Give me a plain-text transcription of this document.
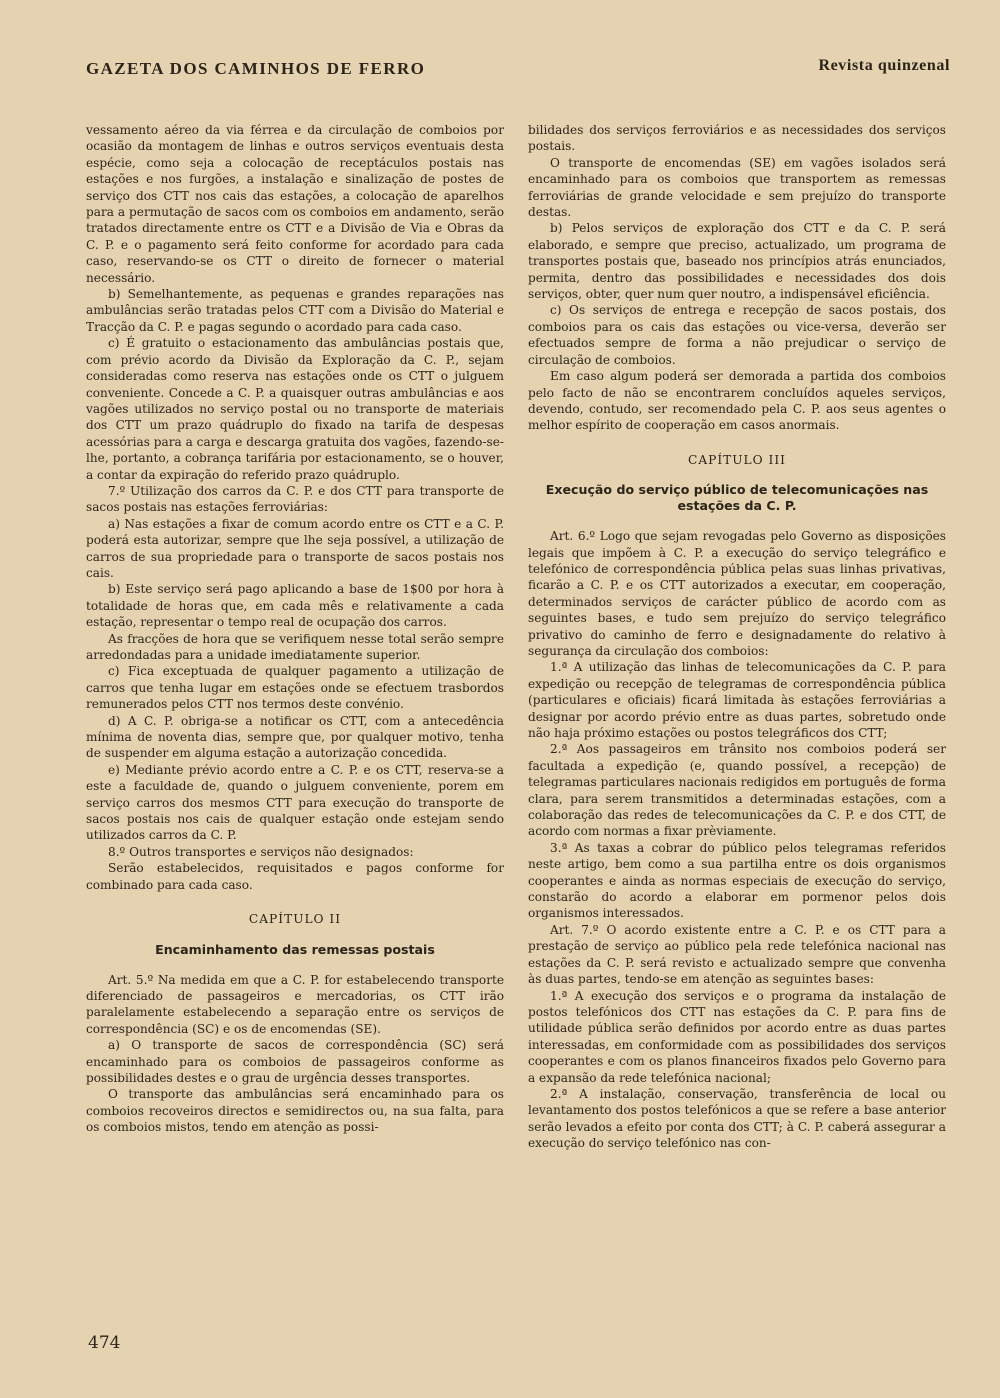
GAZETA DOS CAMINHOS DE FERRO	Revista quinzenal

vessamento aéreo da via férrea e da circulação de comboios por ocasião da montagem de linhas e outros serviços eventuais desta espécie, como seja a colocação de receptáculos postais nas estações e nos furgões, a instalação e sinalização de postes de serviço dos CTT nos cais das estações, a colocação de aparelhos para a permutação de sacos com os comboios em andamento, serão tratados directamente entre os CTT e a Divisão de Via e Obras da C. P. e o pagamento será feito conforme for acordado para cada caso, reservando-se os CTT o direito de fornecer o material necessário.

b) Semelhantemente, as pequenas e grandes reparações nas ambulâncias serão tratadas pelos CTT com a Divisão do Material e Tracção da C. P. e pagas segundo o acordado para cada caso.

c) É gratuito o estacionamento das ambulâncias postais que, com prévio acordo da Divisão da Exploração da C. P., sejam consideradas como reserva nas estações onde os CTT o julguem conveniente. Concede a C. P. a quaisquer outras ambulâncias e aos vagões utilizados no serviço postal ou no transporte de materiais dos CTT um prazo quádruplo do fixado na tarifa de despesas acessórias para a carga e descarga gratuita dos vagões, fazendo-se-lhe, portanto, a cobrança tarifária por estacionamento, se o houver, a contar da expiração do referido prazo quádruplo.

7.º Utilização dos carros da C. P. e dos CTT para transporte de sacos postais nas estações ferroviárias:

a) Nas estações a fixar de comum acordo entre os CTT e a C. P. poderá esta autorizar, sempre que lhe seja possível, a utilização de carros de sua propriedade para o transporte de sacos postais nos cais.

b) Este serviço será pago aplicando a base de 1$00 por hora à totalidade de horas que, em cada mês e relativamente a cada estação, representar o tempo real de ocupação dos carros.

As fracções de hora que se verifiquem nesse total serão sempre arredondadas para a unidade imediatamente superior.

c) Fica exceptuada de qualquer pagamento a utilização de carros que tenha lugar em estações onde se efectuem trasbordos remunerados pelos CTT nos termos deste convénio.

d) A C. P. obriga-se a notificar os CTT, com a antecedência mínima de noventa dias, sempre que, por qualquer motivo, tenha de suspender em alguma estação a autorização concedida.

e) Mediante prévio acordo entre a C. P. e os CTT, reserva-se a este a faculdade de, quando o julguem conveniente, porem em serviço carros dos mesmos CTT para execução do transporte de sacos postais nos cais de qualquer estação onde estejam sendo utilizados carros da C. P.

8.º Outros transportes e serviços não designados:

Serão estabelecidos, requisitados e pagos conforme for combinado para cada caso.

CAPÍTULO II

Encaminhamento das remessas postais

Art. 5.º Na medida em que a C. P. for estabelecendo transporte diferenciado de passageiros e mercadorias, os CTT irão paralelamente estabelecendo a separação entre os serviços de correspondência (SC) e os de encomendas (SE).

a) O transporte de sacos de correspondência (SC) será encaminhado para os comboios de passageiros conforme as possibilidades destes e o grau de urgência desses transportes.

O transporte das ambulâncias será encaminhado para os comboios recoveiros directos e semidirectos ou, na sua falta, para os comboios mistos, tendo em atenção as possi-

bilidades dos serviços ferroviários e as necessidades dos serviços postais.

O transporte de encomendas (SE) em vagões isolados será encaminhado para os comboios que transportem as remessas ferroviárias de grande velocidade e sem prejuízo do transporte destas.

b) Pelos serviços de exploração dos CTT e da C. P. será elaborado, e sempre que preciso, actualizado, um programa de transportes postais que, baseado nos princípios atrás enunciados, permita, dentro das possibilidades e necessidades dos dois serviços, obter, quer num quer noutro, a indispensável eficiência.

c) Os serviços de entrega e recepção de sacos postais, dos comboios para os cais das estações ou vice-versa, deverão ser efectuados sempre de forma a não prejudicar o serviço de circulação de comboios.

Em caso algum poderá ser demorada a partida dos comboios pelo facto de não se encontrarem concluídos aqueles serviços, devendo, contudo, ser recomendado pela C. P. aos seus agentes o melhor espírito de cooperação em casos anormais.

CAPÍTULO III

Execução do serviço público de telecomunicações nas estações da C. P.

Art. 6.º Logo que sejam revogadas pelo Governo as disposições legais que impõem à C. P. a execução do serviço telegráfico e telefónico de correspondência pública pelas suas linhas privativas, ficarão a C. P. e os CTT autorizados a executar, em cooperação, determinados serviços de carácter público de acordo com as seguintes bases, e tudo sem prejuízo do serviço telegráfico privativo do caminho de ferro e designadamente do relativo à segurança da circulação dos comboios:

1.ª A utilização das linhas de telecomunicações da C. P. para expedição ou recepção de telegramas de correspondência pública (particulares e oficiais) ficará limitada às estações ferroviárias a designar por acordo prévio entre as duas partes, sobretudo onde não haja próximo estações ou postos telegráficos dos CTT;

2.ª Aos passageiros em trânsito nos comboios poderá ser facultada a expedição (e, quando possível, a recepção) de telegramas particulares nacionais redigidos em português de forma clara, para serem transmitidos a determinadas estações, com a colaboração das redes de telecomunicações da C. P. e dos CTT, de acordo com normas a fixar prèviamente.

3.ª As taxas a cobrar do público pelos telegramas referidos neste artigo, bem como a sua partilha entre os dois organismos cooperantes e ainda as normas especiais de execução do serviço, constarão do acordo a elaborar em pormenor pelos dois organismos interessados.

Art. 7.º O acordo existente entre a C. P. e os CTT para a prestação de serviço ao público pela rede telefónica nacional nas estações da C. P. será revisto e actualizado sempre que convenha às duas partes, tendo-se em atenção as seguintes bases:

1.ª A execução dos serviços e o programa da instalação de postos telefónicos dos CTT nas estações da C. P. para fins de utilidade pública serão definidos por acordo entre as duas partes interessadas, em conformidade com as possibilidades dos serviços cooperantes e com os planos financeiros fixados pelo Governo para a expansão da rede telefónica nacional;

2.ª A instalação, conservação, transferência de local ou levantamento dos postos telefónicos a que se refere a base anterior serão levados a efeito por conta dos CTT; à C. P. caberá assegurar a execução do serviço telefónico nas con-

474
